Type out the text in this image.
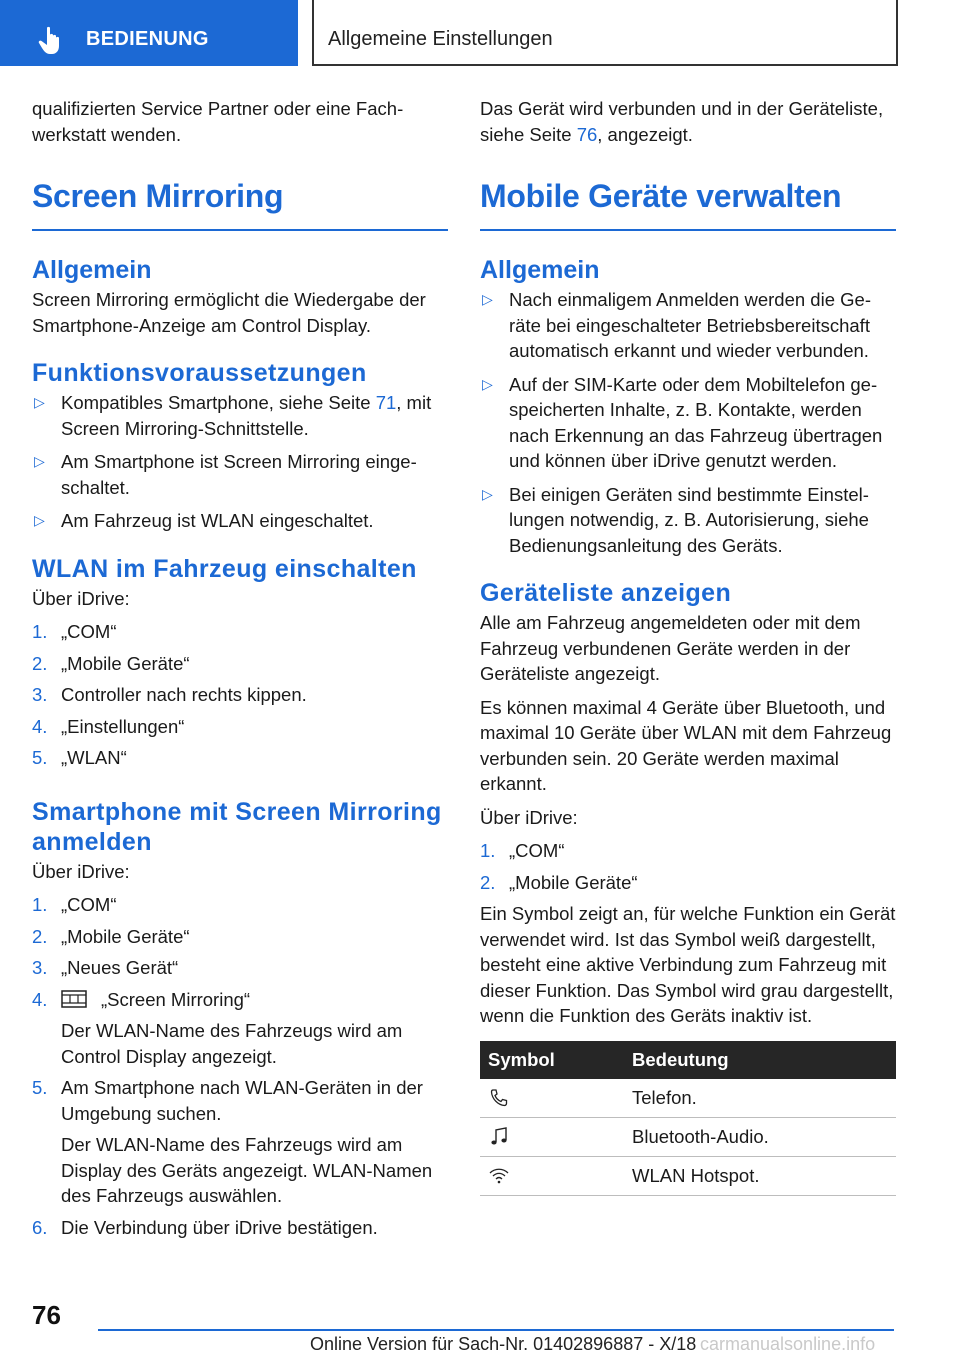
BEDIENUNG	Allgemeine Einstellungen

qualifizierten Service Partner oder eine Fachwerkstatt wenden.

Screen Mirroring
Allgemein

Screen Mirroring ermöglicht die Wiedergabe der Smartphone-Anzeige am Control Display.

Funktionsvoraussetzungen
▷ Kompatibles Smartphone, siehe Seite 71, mit Screen Mirroring-Schnittstelle.
▷ Am Smartphone ist Screen Mirroring eingeschaltet.
▷ Am Fahrzeug ist WLAN eingeschaltet.
WLAN im Fahrzeug einschalten

Über iDrive:

1. „COM“
2. „Mobile Geräte“
3. Controller nach rechts kippen.
4. „Einstellungen“
5. „WLAN“
Smartphone mit Screen Mirroring anmelden

Über iDrive:

1. „COM“
2. „Mobile Geräte“
3. „Neues Gerät“
4.	„Screen Mirroring“
Der WLAN-Name des Fahrzeugs wird am Control Display angezeigt.
5. Am Smartphone nach WLAN-Geräten in der Umgebung suchen.
Der WLAN-Name des Fahrzeugs wird am Display des Geräts angezeigt. WLAN-Namen des Fahrzeugs auswählen.
6. Die Verbindung über iDrive bestätigen.

Das Gerät wird verbunden und in der Geräteliste, siehe Seite 76, angezeigt.

Mobile Geräte verwalten
Allgemein
▷ Nach einmaligem Anmelden werden die Geräte bei eingeschalteter Betriebsbereitschaft automatisch erkannt und wieder verbunden.
▷ Auf der SIM-Karte oder dem Mobiltelefon gespeicherten Inhalte, z. B. Kontakte, werden nach Erkennung an das Fahrzeug übertragen und können über iDrive genutzt werden.
▷ Bei einigen Geräten sind bestimmte Einstellungen notwendig, z. B. Autorisierung, siehe Bedienungsanleitung des Geräts.
Geräteliste anzeigen

Alle am Fahrzeug angemeldeten oder mit dem Fahrzeug verbundenen Geräte werden in der Geräteliste angezeigt.

Es können maximal 4 Geräte über Bluetooth, und maximal 10 Geräte über WLAN mit dem Fahrzeug verbunden sein. 20 Geräte werden maximal erkannt.

Über iDrive:

1. „COM“
2. „Mobile Geräte“

Ein Symbol zeigt an, für welche Funktion ein Gerät verwendet wird. Ist das Symbol weiß dargestellt, besteht eine aktive Verbindung zum Fahrzeug mit dieser Funktion. Das Symbol wird grau dargestellt, wenn die Funktion des Geräts inaktiv ist.

Symbol	Bedeutung
	Telefon.
	Bluetooth-Audio.
	WLAN Hotspot.
76
Online Version für Sach-Nr. 01402896887 - X/18 carmanualsonline.info
